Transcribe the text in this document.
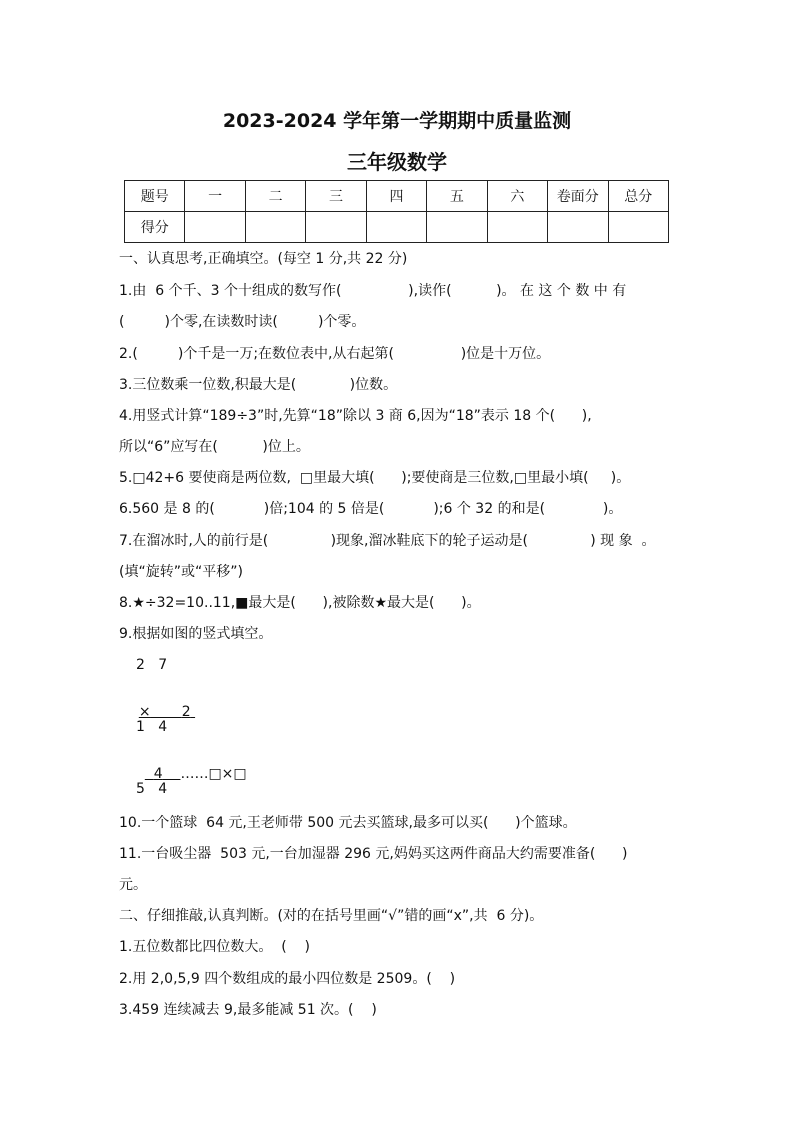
2023-2024 学年第一学期期中质量监测
三年级数学
题号	一	二	三	四	五	六	卷面分	总分
得分								
一、认真思考,正确填空。(每空 1 分,共 22 分)
1.由  6 个千、3 个十组成的数写作(               ),读作(          )。 在 这 个 数 中 有
(         )个零,在读数时读(         )个零。
2.(         )个千是一万;在数位表中,从右起第(               )位是十万位。
3.三位数乘一位数,积最大是(            )位数。
4.用竖式计算“189÷3”时,先算“18”除以 3 商 6,因为“18”表示 18 个(      ),
所以“6”应写在(          )位上。
5.□42+6 要使商是两位数,  □里最大填(      );要使商是三位数,□里最小填(     )。
6.560 是 8 的(           )倍;104 的 5 倍是(           );6 个 32 的和是(             )。
7.在溜冰时,人的前行是(              )现象,溜冰鞋底下的轮子运动是(              ) 现 象  。
(填“旋转”或“平移”)
8.★÷32=10..11,■最大是(      ),被除数★最大是(      )。
9.根据如图的竖式填空。
2   7

× 2

1   4

4 ……□×□

5   4
10.一个篮球  64 元,王老师带 500 元去买篮球,最多可以买(      )个篮球。
11.一台吸尘器  503 元,一台加湿器 296 元,妈妈买这两件商品大约需要准备(      )
元。
二、仔细推敲,认真判断。(对的在括号里画“√”错的画“x”,共  6 分)。
1.五位数都比四位数大。  (    )
2.用 2,0,5,9 四个数组成的最小四位数是 2509。(    )
3.459 连续减去 9,最多能减 51 次。(    )
